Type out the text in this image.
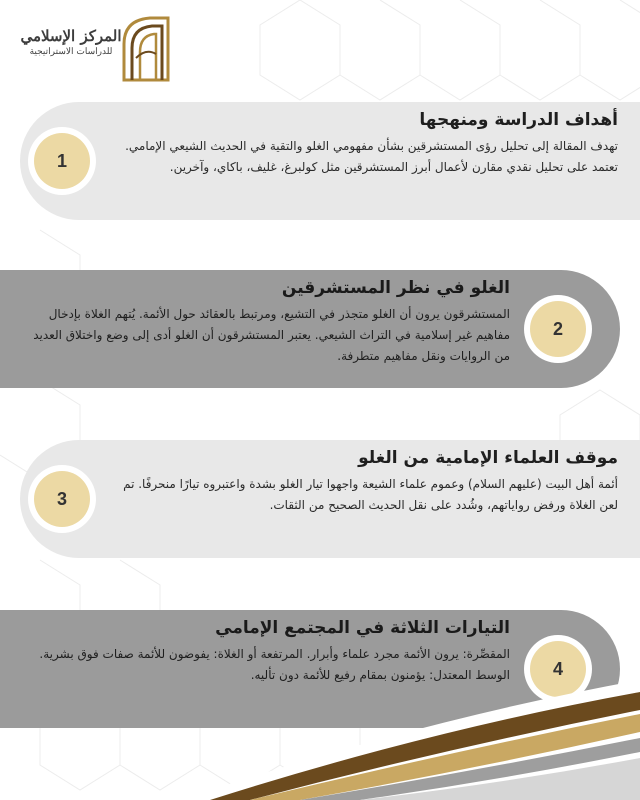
المركز الإسلامي
للدراسات الاستراتيجية
1
أهداف الدراسة ومنهجها

تهدف المقالة إلى تحليل رؤى المستشرقين بشأن مفهومي الغلو والتقية في الحديث الشيعي الإمامي. تعتمد على تحليل نقدي مقارن لأعمال أبرز المستشرقين مثل كولبرغ، غليف، باكاي، وآخرين.

2
الغلو في نظر المستشرقين

المستشرقون يرون أن الغلو متجذر في التشيع، ومرتبط بالعقائد حول الأئمة. يُتهم الغلاة بإدخال مفاهيم غير إسلامية في التراث الشيعي. يعتبر المستشرقون أن الغلو أدى إلى وضع واختلاق العديد من الروايات ونقل مفاهيم متطرفة.

3
موقف العلماء الإمامية من الغلو

أئمة أهل البيت (عليهم السلام) وعموم علماء الشيعة واجهوا تيار الغلو بشدة واعتبروه تيارًا منحرفًا. تم لعن الغلاة ورفض رواياتهم، وشُدد على نقل الحديث الصحيح من الثقات.

4
التيارات الثلاثة في المجتمع الإمامي

المقصِّرة: يرون الأئمة مجرد علماء وأبرار. المرتفعة أو الغلاة: يفوضون للأئمة صفات فوق بشرية. الوسط المعتدل: يؤمنون بمقام رفيع للأئمة دون تأليه.
